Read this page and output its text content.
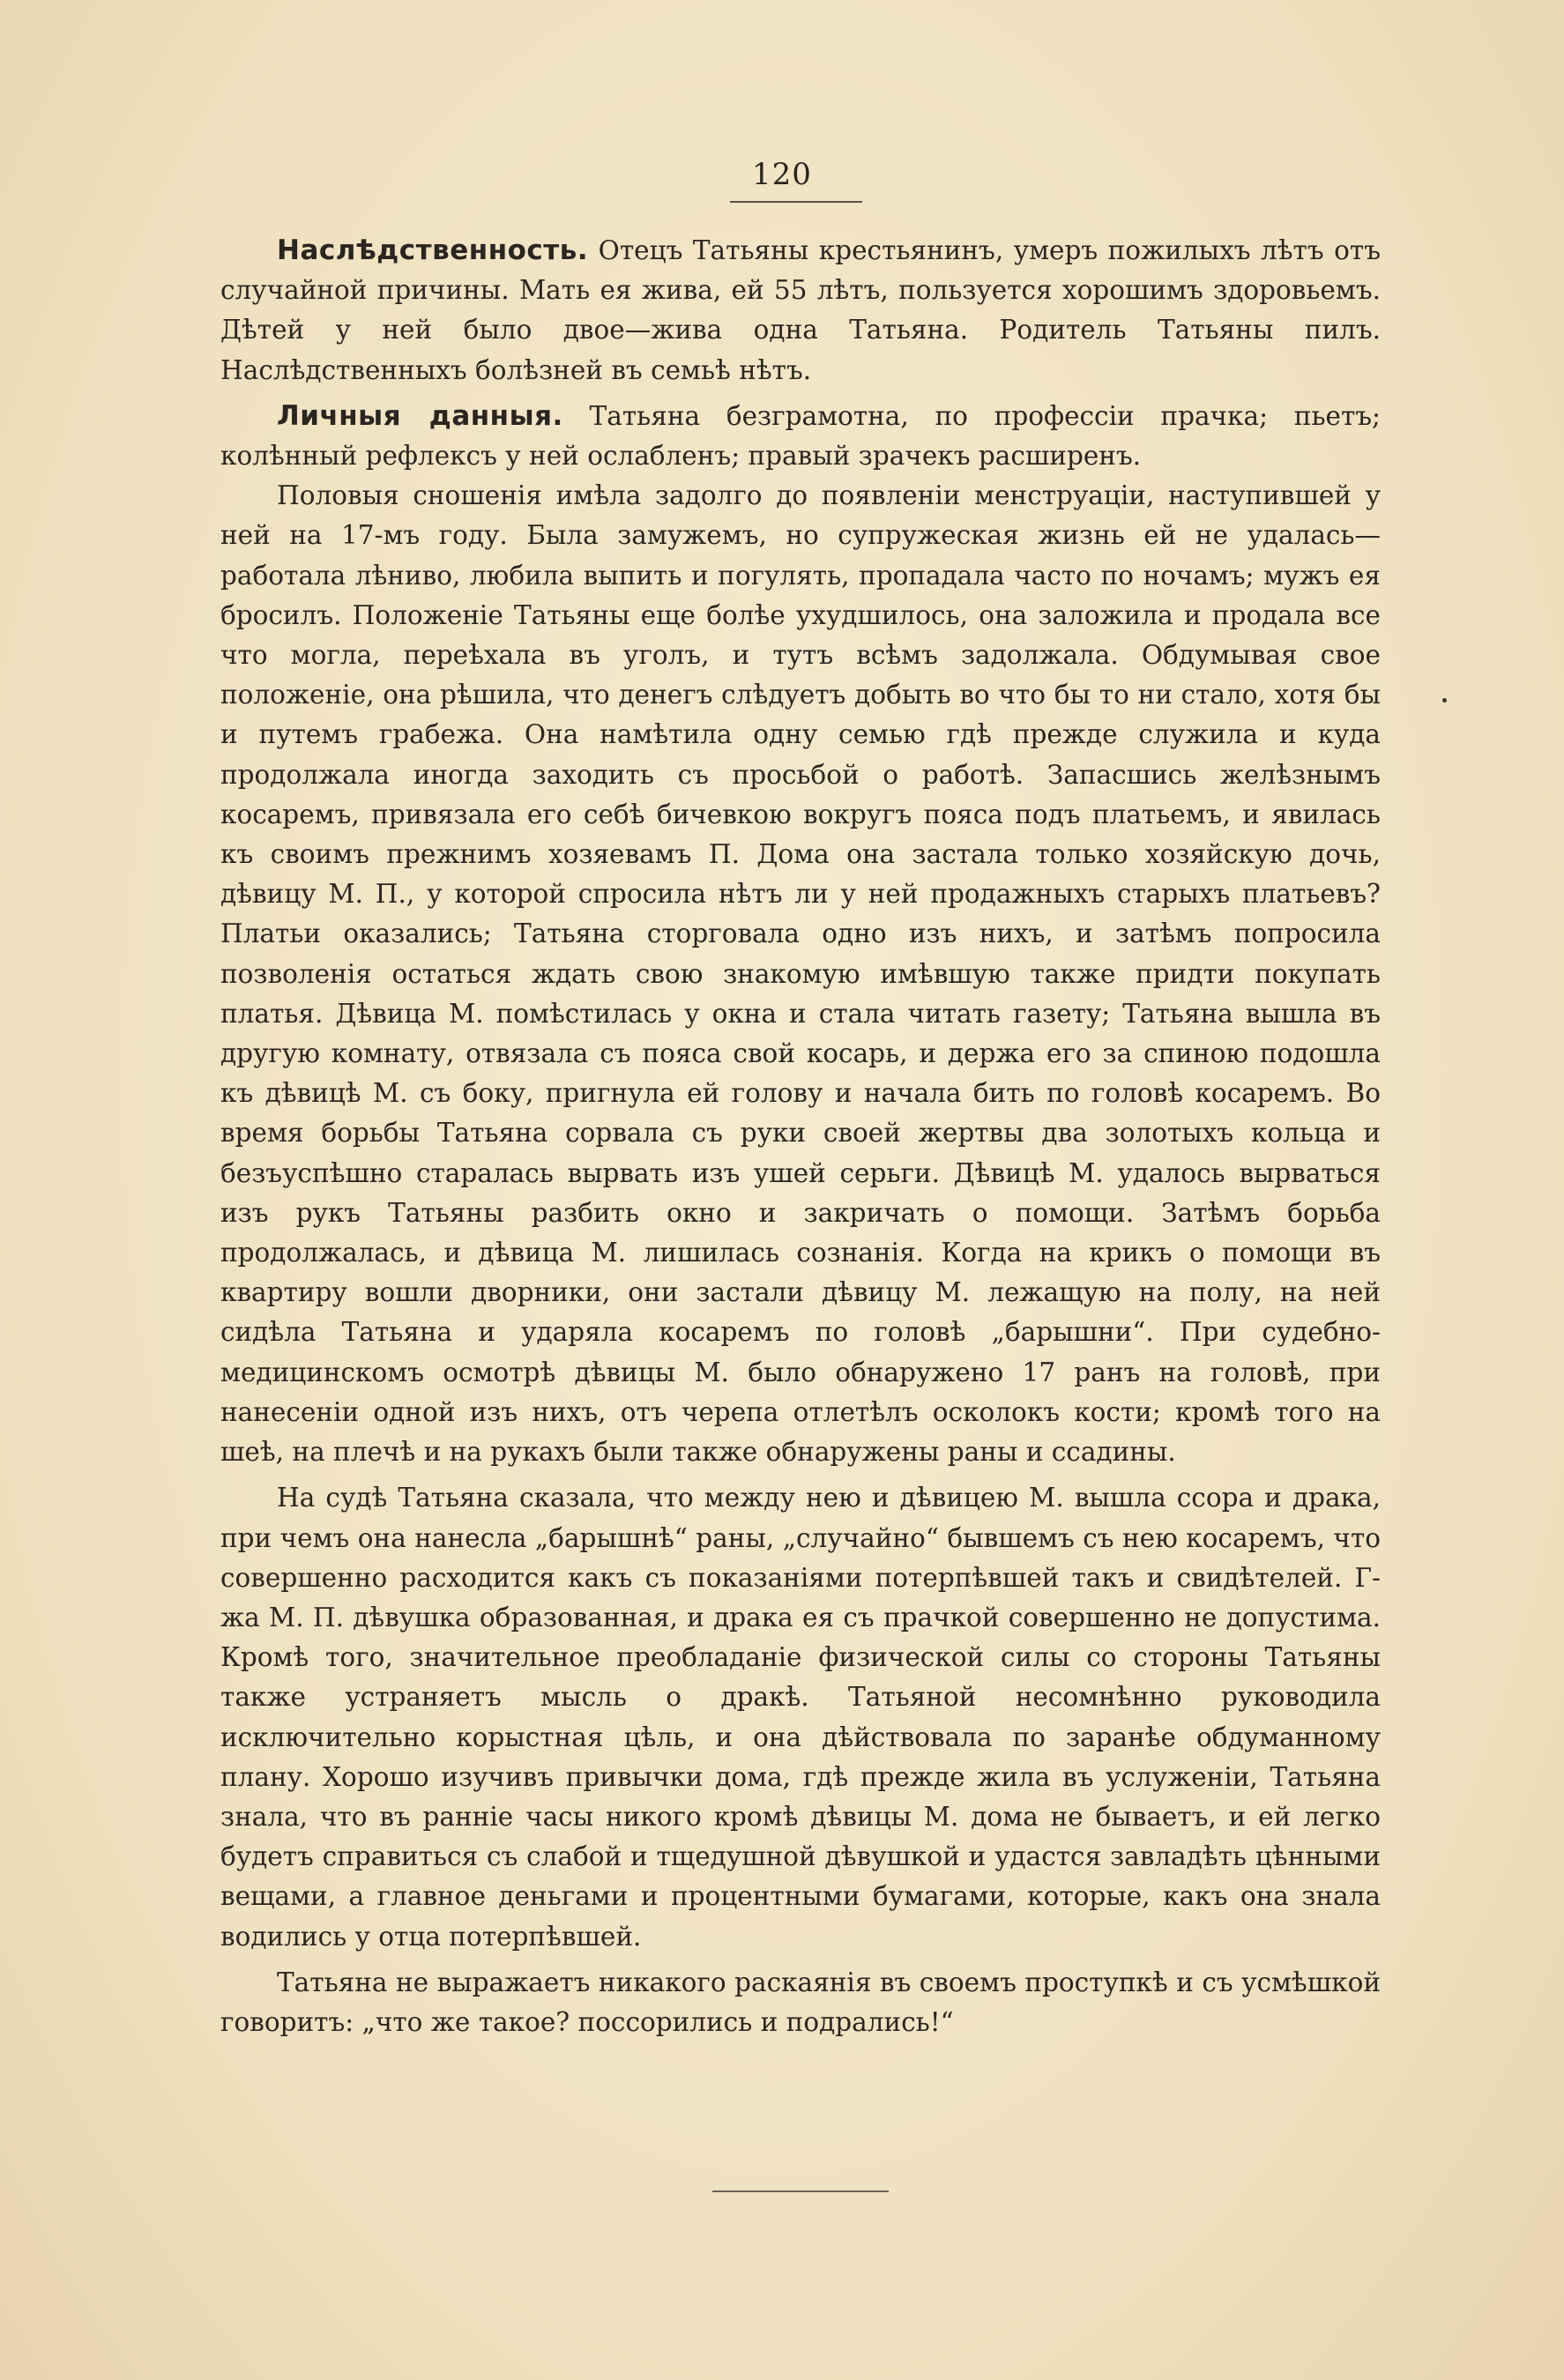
120

Наслѣдственность. Отецъ Татьяны крестьянинъ, умеръ пожилыхъ лѣтъ отъ случайной причины. Мать ея жива, ей 55 лѣтъ, пользуется хорошимъ здоровьемъ. Дѣтей у ней было двое—жива одна Татьяна. Родитель Татьяны пилъ. Наслѣдственныхъ болѣзней въ семьѣ нѣтъ.

Личныя данныя. Татьяна безграмотна, по профессiи прачка; пьетъ; колѣнный рефлексъ у ней ослабленъ; правый зрачекъ расширенъ.

Половыя сношенiя имѣла задолго до появленiи менструацiи, наступившей у ней на 17-мъ году. Была замужемъ, но супружеская жизнь ей не удалась—работала лѣниво, любила выпить и погулять, пропадала часто по ночамъ; мужъ ея бросилъ. Положенiе Татьяны еще болѣе ухудшилось, она заложила и продала все что могла, переѣхала въ уголъ, и тутъ всѣмъ задолжала. Обдумывая свое положенiе, она рѣшила, что денегъ слѣдуетъ добыть во что бы то ни стало, хотя бы и путемъ грабежа. Она намѣтила одну семью гдѣ прежде служила и куда продолжала иногда заходить съ просьбой о работѣ. Запасшись желѣзнымъ косаремъ, привязала его себѣ бичевкою вокругъ пояса подъ платьемъ, и явилась къ своимъ прежнимъ хозяевамъ П. Дома она застала только хозяйскую дочь, дѣвицу М. П., у которой спросила нѣтъ ли у ней продажныхъ старыхъ платьевъ? Платьи оказались; Татьяна сторговала одно изъ нихъ, и затѣмъ попросила позволенiя остаться ждать свою знакомую имѣвшую также придти покупать платья. Дѣвица М. помѣстилась у окна и стала читать газету; Татьяна вышла въ другую комнату, отвязала съ пояса свой косарь, и держа его за спиною подошла къ дѣвицѣ М. съ боку, пригнула ей голову и начала бить по головѣ косаремъ. Во время борьбы Татьяна сорвала съ руки своей жертвы два золотыхъ кольца и безъуспѣшно старалась вырвать изъ ушей серьги. Дѣвицѣ М. удалось вырваться изъ рукъ Татьяны разбить окно и закричать о помощи. Затѣмъ борьба продолжалась, и дѣвица М. лишилась сознанiя. Когда на крикъ о помощи въ квартиру вошли дворники, они застали дѣвицу М. лежащую на полу, на ней сидѣла Татьяна и ударяла косаремъ по головѣ „барышни“. При судебно-медицинскомъ осмотрѣ дѣвицы М. было обнаружено 17 ранъ на головѣ, при нанесенiи одной изъ нихъ, отъ черепа отлетѣлъ осколокъ кости; кромѣ того на шеѣ, на плечѣ и на рукахъ были также обнаружены раны и ссадины.

На судѣ Татьяна сказала, что между нею и дѣвицею М. вышла ссора и драка, при чемъ она нанесла „барышнѣ“ раны, „случайно“ бывшемъ съ нею косаремъ, что совершенно расходится какъ съ показанiями потерпѣвшей такъ и свидѣтелей. Г-жа М. П. дѣвушка образованная, и драка ея съ прачкой совершенно не допустима. Кромѣ того, значительное преобладанiе физической силы со стороны Татьяны также устраняетъ мысль о дракѣ. Татьяной несомнѣнно руководила исключительно корыстная цѣль, и она дѣйствовала по заранѣе обдуманному плану. Хорошо изучивъ привычки дома, гдѣ прежде жила въ услуженiи, Татьяна знала, что въ раннiе часы никого кромѣ дѣвицы М. дома не бываетъ, и ей легко будетъ справиться съ слабой и тщедушной дѣвушкой и удастся завладѣть цѣнными вещами, а главное деньгами и процентными бумагами, которые, какъ она знала водились у отца потерпѣвшей.

Татьяна не выражаетъ никакого раскаянiя въ своемъ проступкѣ и съ усмѣшкой говоритъ: „что же такое? поссорились и подрались!“
